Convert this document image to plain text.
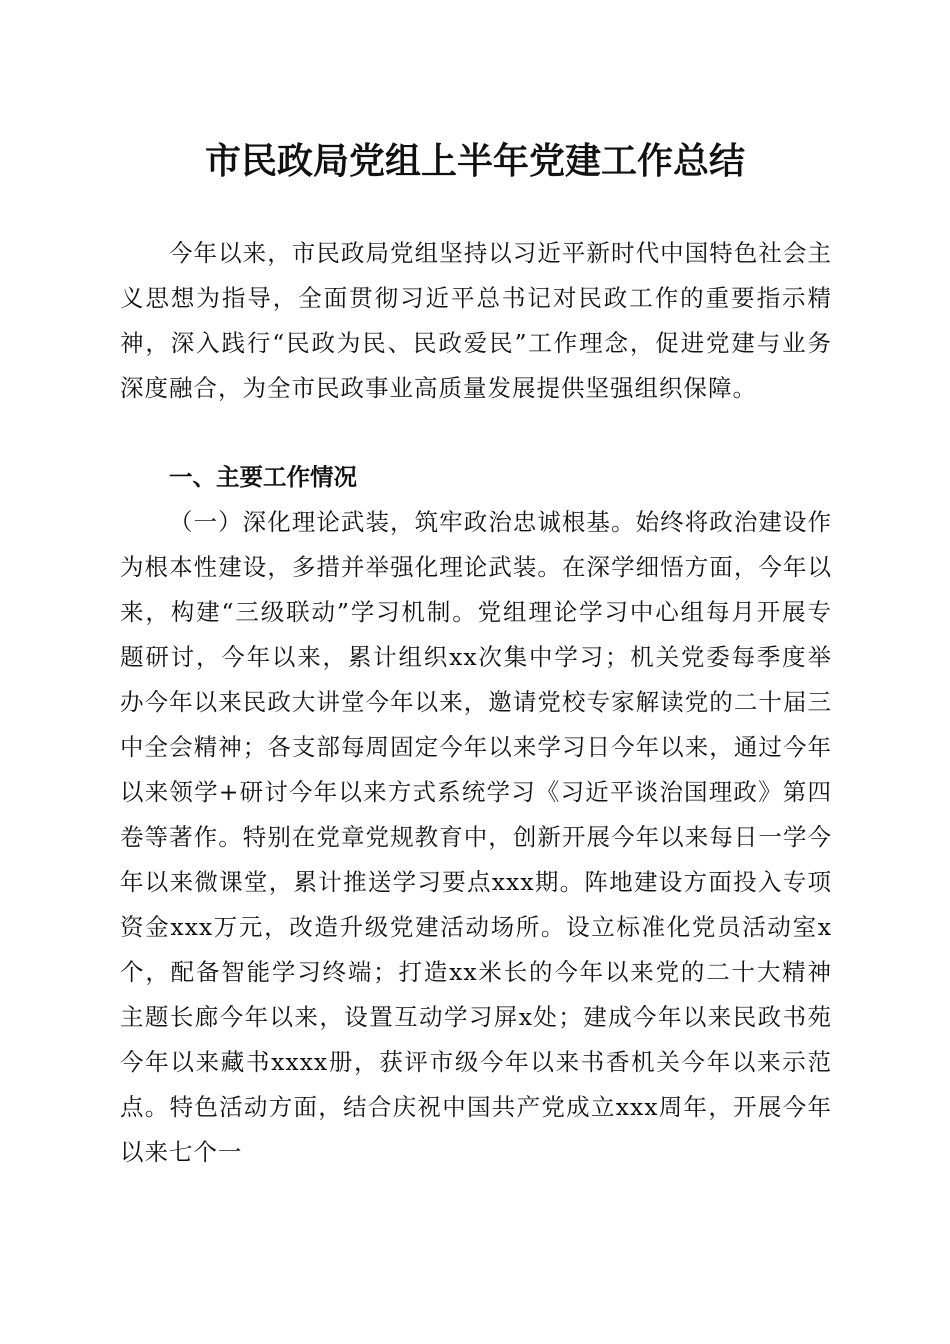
市民政局党组上半年党建工作总结

今年以来，市民政局党组坚持以习近平新时代中国特色社会主义思想为指导，全面贯彻习近平总书记对民政工作的重要指示精神，深入践行“民政为民、民政爱民”工作理念，促进党建与业务深度融合，为全市民政事业高质量发展提供坚强组织保障。

一、主要工作情况

（一）深化理论武装，筑牢政治忠诚根基。始终将政治建设作为根本性建设，多措并举强化理论武装。在深学细悟方面，今年以来，构建“三级联动”学习机制。党组理论学习中心组每月开展专题研讨，今年以来，累计组织xx次集中学习；机关党委每季度举办今年以来民政大讲堂今年以来，邀请党校专家解读党的二十届三中全会精神；各支部每周固定今年以来学习日今年以来，通过今年以来领学+研讨今年以来方式系统学习《习近平谈治国理政》第四卷等著作。特别在党章党规教育中，创新开展今年以来每日一学今年以来微课堂，累计推送学习要点xxx期。阵地建设方面投入专项资金xxx万元，改造升级党建活动场所。设立标准化党员活动室x个，配备智能学习终端；打造xx米长的今年以来党的二十大精神主题长廊今年以来，设置互动学习屏x处；建成今年以来民政书苑今年以来藏书xxxx册，获评市级今年以来书香机关今年以来示范点。特色活动方面，结合庆祝中国共产党成立xxx周年，开展今年以来七个一
